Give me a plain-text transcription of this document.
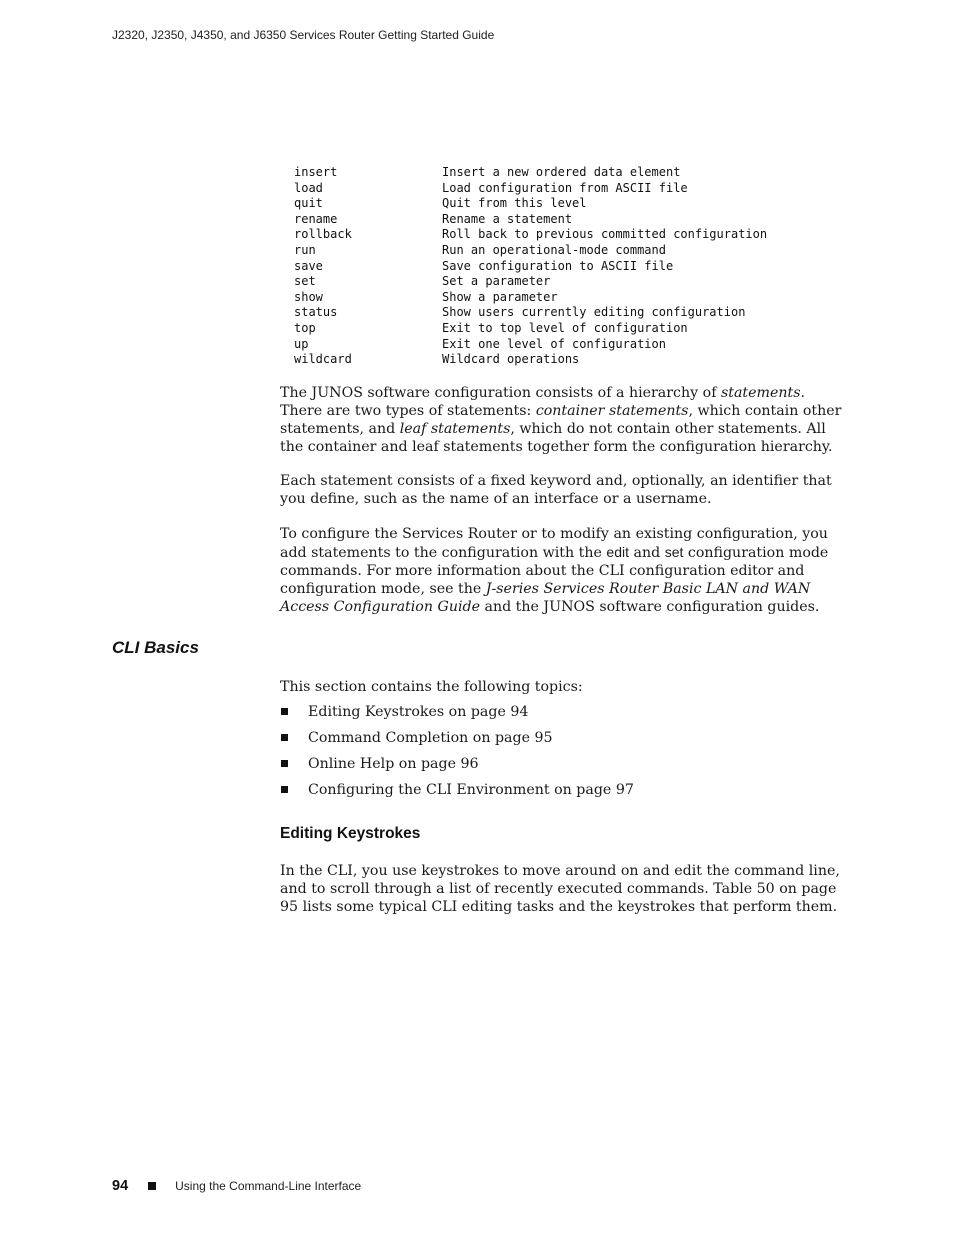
J2320, J2350, J4350, and J6350 Services Router Getting Started Guide
insert	Insert a new ordered data element
load	Load configuration from ASCII file
quit	Quit from this level
rename	Rename a statement
rollback	Roll back to previous committed configuration
run	Run an operational-mode command
save	Save configuration to ASCII file
set	Set a parameter
show	Show a parameter
status	Show users currently editing configuration
top	Exit to top level of configuration
up	Exit one level of configuration
wildcard	Wildcard operations

The JUNOS software configuration consists of a hierarchy of statements. There are two types of statements: container statements, which contain other statements, and leaf statements, which do not contain other statements. All the container and leaf statements together form the configuration hierarchy.

Each statement consists of a fixed keyword and, optionally, an identifier that you define, such as the name of an interface or a username.

To configure the Services Router or to modify an existing configuration, you add statements to the configuration with the edit and set configuration mode commands. For more information about the CLI configuration editor and configuration mode, see the J-series Services Router Basic LAN and WAN Access Configuration Guide and the JUNOS software configuration guides.

CLI Basics

This section contains the following topics:

Editing Keystrokes on page 94
Command Completion on page 95
Online Help on page 96
Configuring the CLI Environment on page 97
Editing Keystrokes

In the CLI, you use keystrokes to move around on and edit the command line, and to scroll through a list of recently executed commands. Table 50 on page 95 lists some typical CLI editing tasks and the keystrokes that perform them.

94	Using the Command-Line Interface
